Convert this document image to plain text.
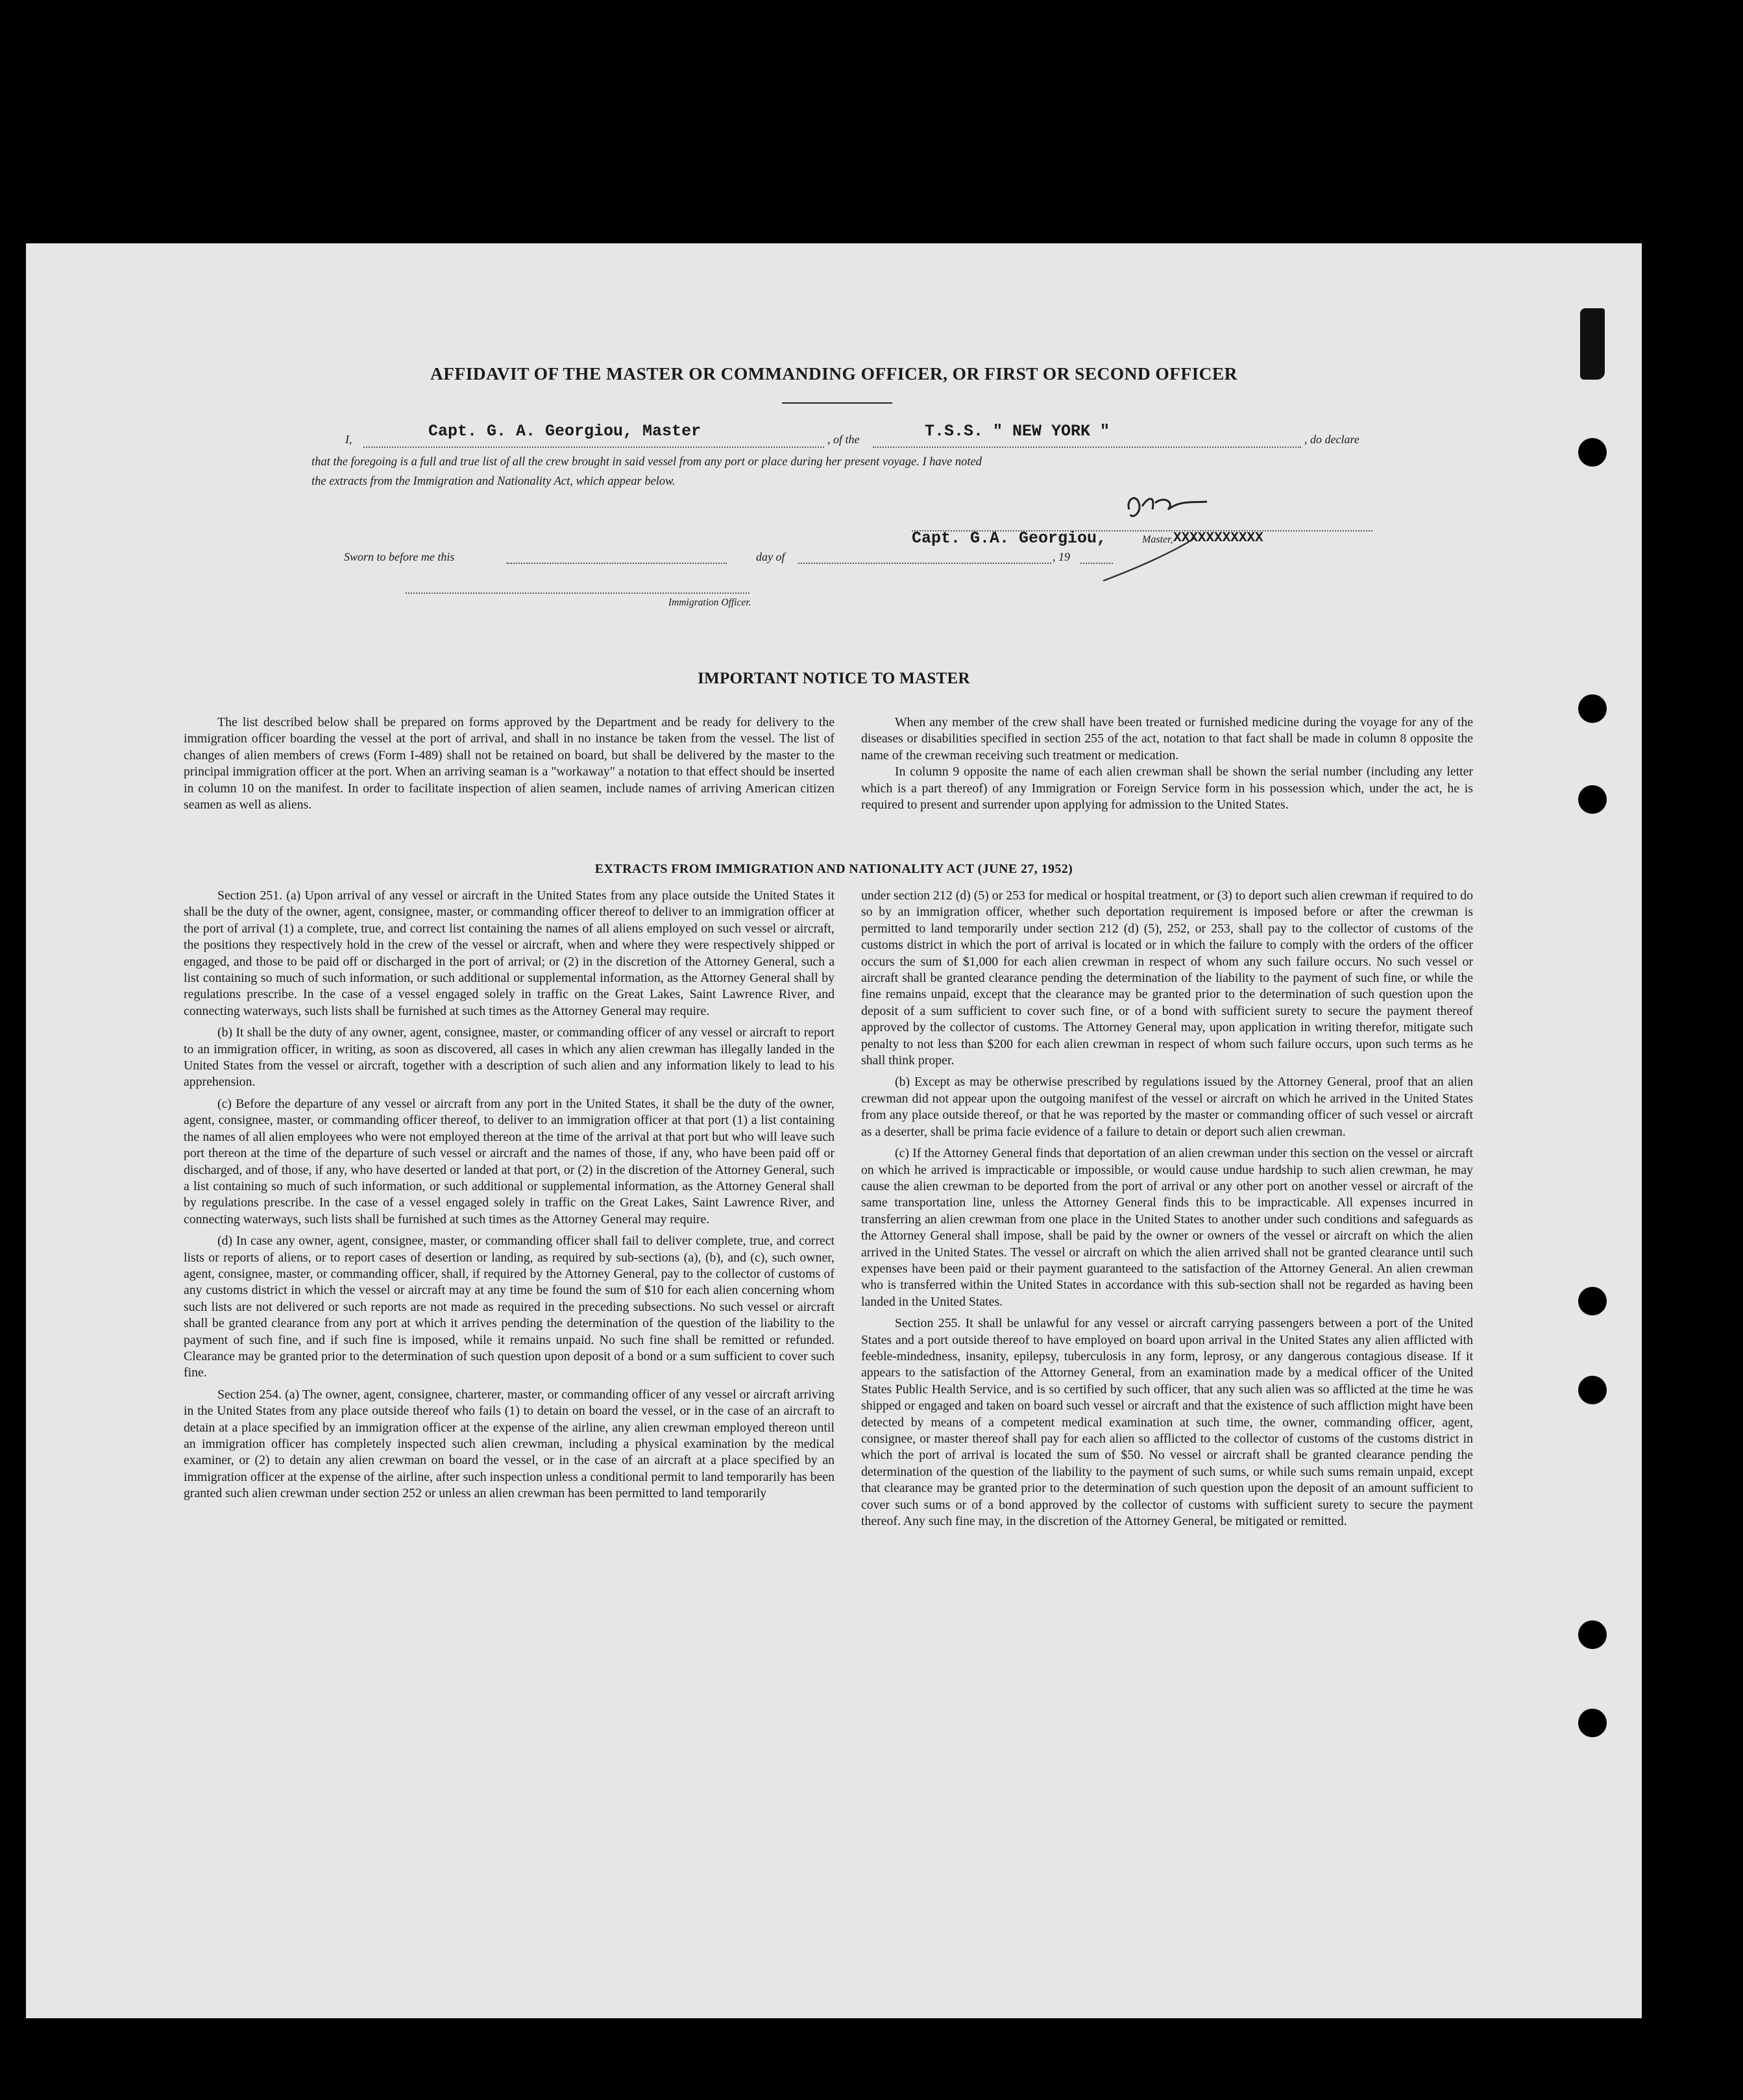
AFFIDAVIT OF THE MASTER OR COMMANDING OFFICER, OR FIRST OR SECOND OFFICER
I,	Capt. G. A. Georgiou, Master	, of the	T.S.S. " NEW YORK "	, do declare
that the foregoing is a full and true list of all the crew brought in said vessel from any port or place during her present voyage. I have noted
the extracts from the Immigration and Nationality Act, which appear below.
Capt. G.A. Georgiou,	Master, XXXXXXXXXXX
Sworn to before me this	day of	, 19
Immigration Officer.
IMPORTANT NOTICE TO MASTER

The list described below shall be prepared on forms approved by the Department and be ready for delivery to the immigration officer boarding the vessel at the port of arrival, and shall in no instance be taken from the vessel. The list of changes of alien members of crews (Form I-489) shall not be retained on board, but shall be delivered by the master to the principal immigration officer at the port. When an arriving seaman is a "workaway" a notation to that effect should be inserted in column 10 on the manifest. In order to facilitate inspection of alien seamen, include names of arriving American citizen seamen as well as aliens.

When any member of the crew shall have been treated or furnished medicine during the voyage for any of the diseases or disabilities specified in section 255 of the act, notation to that fact shall be made in column 8 opposite the name of the crewman receiving such treatment or medication.

In column 9 opposite the name of each alien crewman shall be shown the serial number (including any letter which is a part thereof) of any Immigration or Foreign Service form in his possession which, under the act, he is required to present and surrender upon applying for admission to the United States.

EXTRACTS FROM IMMIGRATION AND NATIONALITY ACT (JUNE 27, 1952)

Section 251. (a) Upon arrival of any vessel or aircraft in the United States from any place outside the United States it shall be the duty of the owner, agent, consignee, master, or commanding officer thereof to deliver to an immigration officer at the port of arrival (1) a complete, true, and correct list containing the names of all aliens employed on such vessel or aircraft, the positions they respectively hold in the crew of the vessel or aircraft, when and where they were respectively shipped or engaged, and those to be paid off or discharged in the port of arrival; or (2) in the discretion of the Attorney General, such a list containing so much of such information, or such additional or supplemental information, as the Attorney General shall by regulations prescribe. In the case of a vessel engaged solely in traffic on the Great Lakes, Saint Lawrence River, and connecting waterways, such lists shall be furnished at such times as the Attorney General may require.

(b) It shall be the duty of any owner, agent, consignee, master, or commanding officer of any vessel or aircraft to report to an immigration officer, in writing, as soon as discovered, all cases in which any alien crewman has illegally landed in the United States from the vessel or aircraft, together with a description of such alien and any information likely to lead to his apprehension.

(c) Before the departure of any vessel or aircraft from any port in the United States, it shall be the duty of the owner, agent, consignee, master, or commanding officer thereof, to deliver to an immigration officer at that port (1) a list containing the names of all alien employees who were not employed thereon at the time of the arrival at that port but who will leave such port thereon at the time of the departure of such vessel or aircraft and the names of those, if any, who have been paid off or discharged, and of those, if any, who have deserted or landed at that port, or (2) in the discretion of the Attorney General, such a list containing so much of such information, or such additional or supplemental information, as the Attorney General shall by regulations prescribe. In the case of a vessel engaged solely in traffic on the Great Lakes, Saint Lawrence River, and connecting waterways, such lists shall be furnished at such times as the Attorney General may require.

(d) In case any owner, agent, consignee, master, or commanding officer shall fail to deliver complete, true, and correct lists or reports of aliens, or to report cases of desertion or landing, as required by sub-sections (a), (b), and (c), such owner, agent, consignee, master, or commanding officer, shall, if required by the Attorney General, pay to the collector of customs of any customs district in which the vessel or aircraft may at any time be found the sum of $10 for each alien concerning whom such lists are not delivered or such reports are not made as required in the preceding subsections. No such vessel or aircraft shall be granted clearance from any port at which it arrives pending the determination of the question of the liability to the payment of such fine, and if such fine is imposed, while it remains unpaid. No such fine shall be remitted or refunded. Clearance may be granted prior to the determination of such question upon deposit of a bond or a sum sufficient to cover such fine.

Section 254. (a) The owner, agent, consignee, charterer, master, or commanding officer of any vessel or aircraft arriving in the United States from any place outside thereof who fails (1) to detain on board the vessel, or in the case of an aircraft to detain at a place specified by an immigration officer at the expense of the airline, any alien crewman employed thereon until an immigration officer has completely inspected such alien crewman, including a physical examination by the medical examiner, or (2) to detain any alien crewman on board the vessel, or in the case of an aircraft at a place specified by an immigration officer at the expense of the airline, after such inspection unless a conditional permit to land temporarily has been granted such alien crewman under section 252 or unless an alien crewman has been permitted to land temporarily

under section 212 (d) (5) or 253 for medical or hospital treatment, or (3) to deport such alien crewman if required to do so by an immigration officer, whether such deportation requirement is imposed before or after the crewman is permitted to land temporarily under section 212 (d) (5), 252, or 253, shall pay to the collector of customs of the customs district in which the port of arrival is located or in which the failure to comply with the orders of the officer occurs the sum of $1,000 for each alien crewman in respect of whom any such failure occurs. No such vessel or aircraft shall be granted clearance pending the determination of the liability to the payment of such fine, or while the fine remains unpaid, except that the clearance may be granted prior to the determination of such question upon the deposit of a sum sufficient to cover such fine, or of a bond with sufficient surety to secure the payment thereof approved by the collector of customs. The Attorney General may, upon application in writing therefor, mitigate such penalty to not less than $200 for each alien crewman in respect of whom such failure occurs, upon such terms as he shall think proper.

(b) Except as may be otherwise prescribed by regulations issued by the Attorney General, proof that an alien crewman did not appear upon the outgoing manifest of the vessel or aircraft on which he arrived in the United States from any place outside thereof, or that he was reported by the master or commanding officer of such vessel or aircraft as a deserter, shall be prima facie evidence of a failure to detain or deport such alien crewman.

(c) If the Attorney General finds that deportation of an alien crewman under this section on the vessel or aircraft on which he arrived is impracticable or impossible, or would cause undue hardship to such alien crewman, he may cause the alien crewman to be deported from the port of arrival or any other port on another vessel or aircraft of the same transportation line, unless the Attorney General finds this to be impracticable. All expenses incurred in transferring an alien crewman from one place in the United States to another under such conditions and safeguards as the Attorney General shall impose, shall be paid by the owner or owners of the vessel or aircraft on which the alien arrived in the United States. The vessel or aircraft on which the alien arrived shall not be granted clearance until such expenses have been paid or their payment guaranteed to the satisfaction of the Attorney General. An alien crewman who is transferred within the United States in accordance with this sub-section shall not be regarded as having been landed in the United States.

Section 255. It shall be unlawful for any vessel or aircraft carrying passengers between a port of the United States and a port outside thereof to have employed on board upon arrival in the United States any alien afflicted with feeble-mindedness, insanity, epilepsy, tuberculosis in any form, leprosy, or any dangerous contagious disease. If it appears to the satisfaction of the Attorney General, from an examination made by a medical officer of the United States Public Health Service, and is so certified by such officer, that any such alien was so afflicted at the time he was shipped or engaged and taken on board such vessel or aircraft and that the existence of such affliction might have been detected by means of a competent medical examination at such time, the owner, commanding officer, agent, consignee, or master thereof shall pay for each alien so afflicted to the collector of customs of the customs district in which the port of arrival is located the sum of $50. No vessel or aircraft shall be granted clearance pending the determination of the question of the liability to the payment of such sums, or while such sums remain unpaid, except that clearance may be granted prior to the determination of such question upon the deposit of an amount sufficient to cover such sums or of a bond approved by the collector of customs with sufficient surety to secure the payment thereof. Any such fine may, in the discretion of the Attorney General, be mitigated or remitted.
